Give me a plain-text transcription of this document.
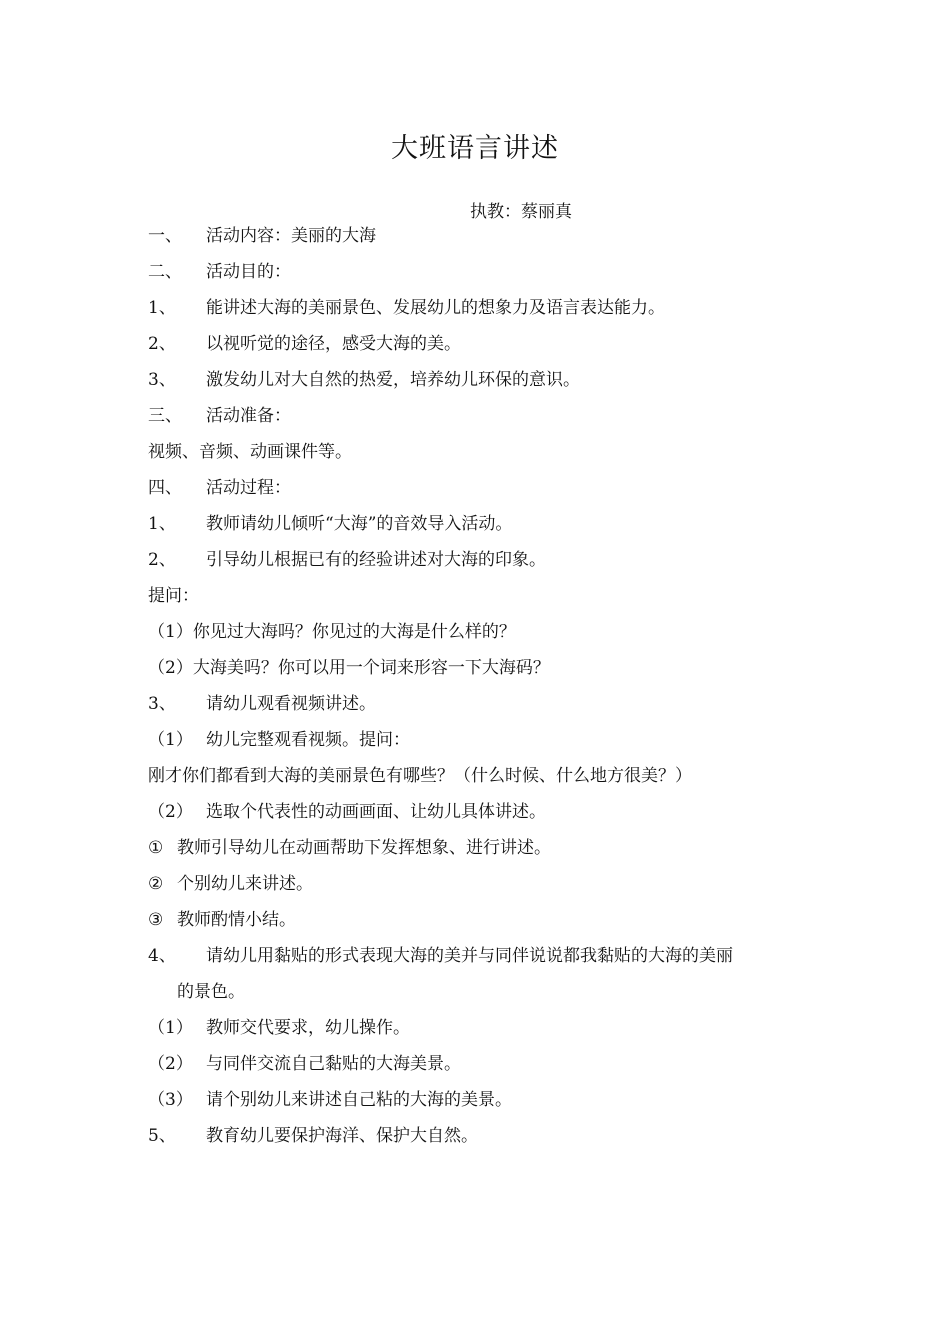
大班语言讲述
执教：蔡丽真
一、 活动内容：美丽的大海
二、 活动目的：
1、 能讲述大海的美丽景色、发展幼儿的想象力及语言表达能力。
2、 以视听觉的途径，感受大海的美。
3、 激发幼儿对大自然的热爱，培养幼儿环保的意识。
三、 活动准备：
视频、音频、动画课件等。
四、 活动过程：
1、 教师请幼儿倾听“大海”的音效导入活动。
2、 引导幼儿根据已有的经验讲述对大海的印象。
提问：
（1）你见过大海吗？你见过的大海是什么样的？
（2）大海美吗？你可以用一个词来形容一下大海码？
3、 请幼儿观看视频讲述。
（1） 幼儿完整观看视频。提问：
刚才你们都看到大海的美丽景色有哪些？（什么时候、什么地方很美？）
（2） 选取个代表性的动画画面、让幼儿具体讲述。
① 教师引导幼儿在动画帮助下发挥想象、进行讲述。
② 个别幼儿来讲述。
③ 教师酌情小结。
4、 请幼儿用黏贴的形式表现大海的美并与同伴说说都我黏贴的大海的美丽
的景色。
（1） 教师交代要求，幼儿操作。
（2） 与同伴交流自己黏贴的大海美景。
（3） 请个别幼儿来讲述自己粘的大海的美景。
5、 教育幼儿要保护海洋、保护大自然。
